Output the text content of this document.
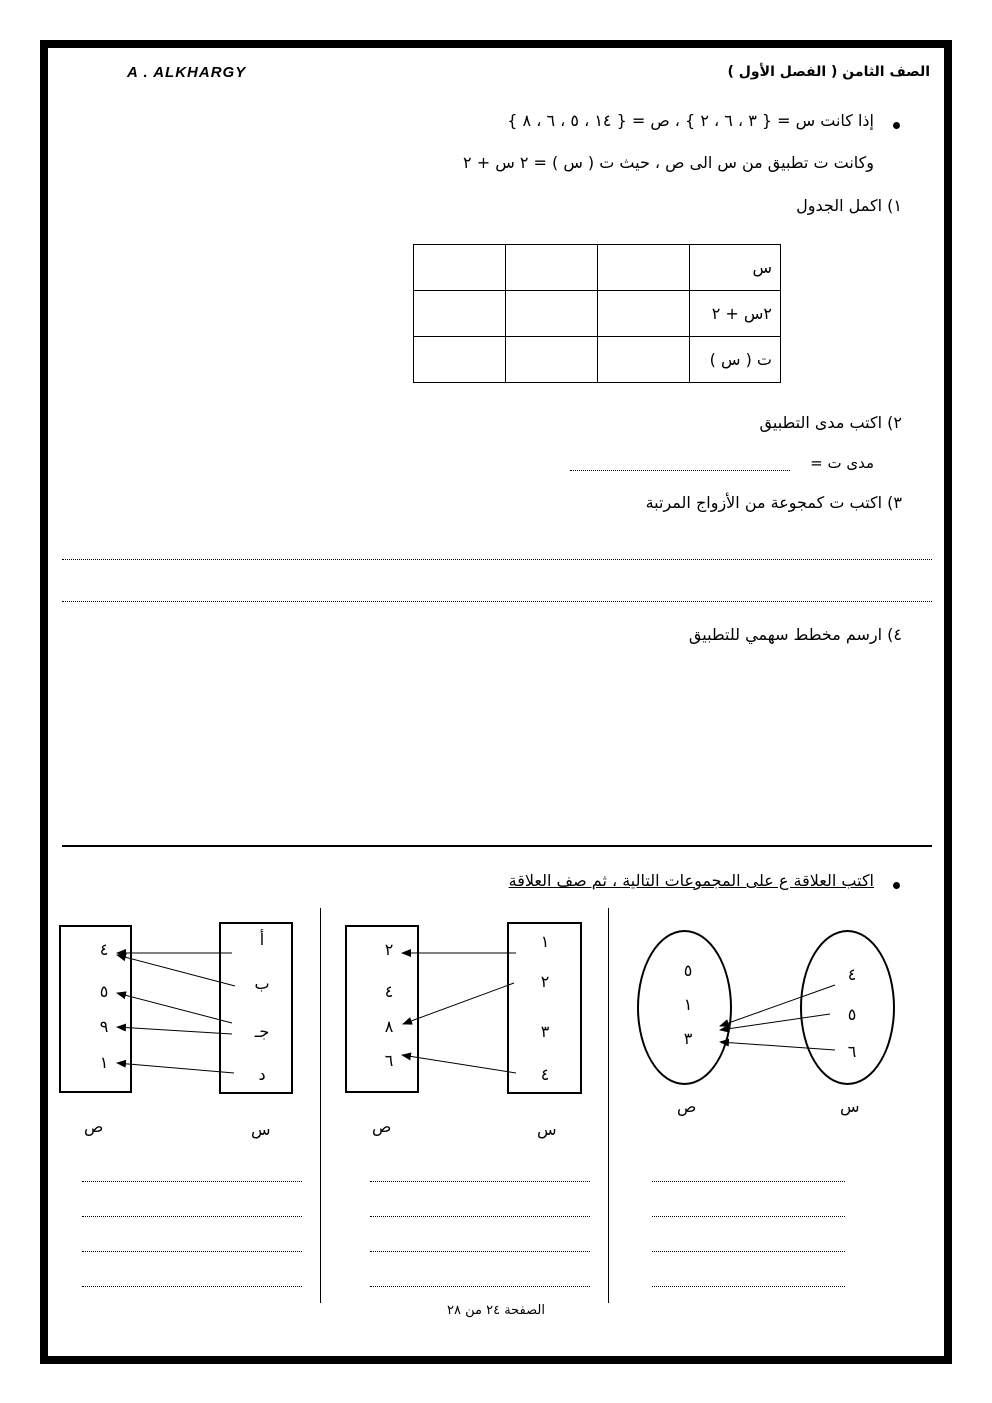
A . ALKHARGY	الصف الثامن ( الفصل الأول )
إذا كانت س = { ٣ ، ٦ ، ٢ } ، ص = { ١٤ ، ٥ ، ٦ ، ٨ }
وكانت ت تطبيق من س الى ص ، حيث ت ( س ) = ٢ س + ٢
١) اكمل الجدول
س			
٢س + ٢			
ت ( س )			
٢) اكتب مدى التطبيق
مدى ت =
٣) اكتب ت كمجوعة من الأزواج المرتبة
٤) ارسم مخطط سهمي للتطبيق
اكتب العلاقة ع على المجموعات التالية ، ثم صف العلاقة
٥
١
٣
٤
٥
٦
ص	س
٢
٤
٨
٦
١
٢
٣
٤
ص	س
٤
٥
٩
١
أ
ب
جـ
د
ص	س
الصفحة ٢٤ من ٢٨
